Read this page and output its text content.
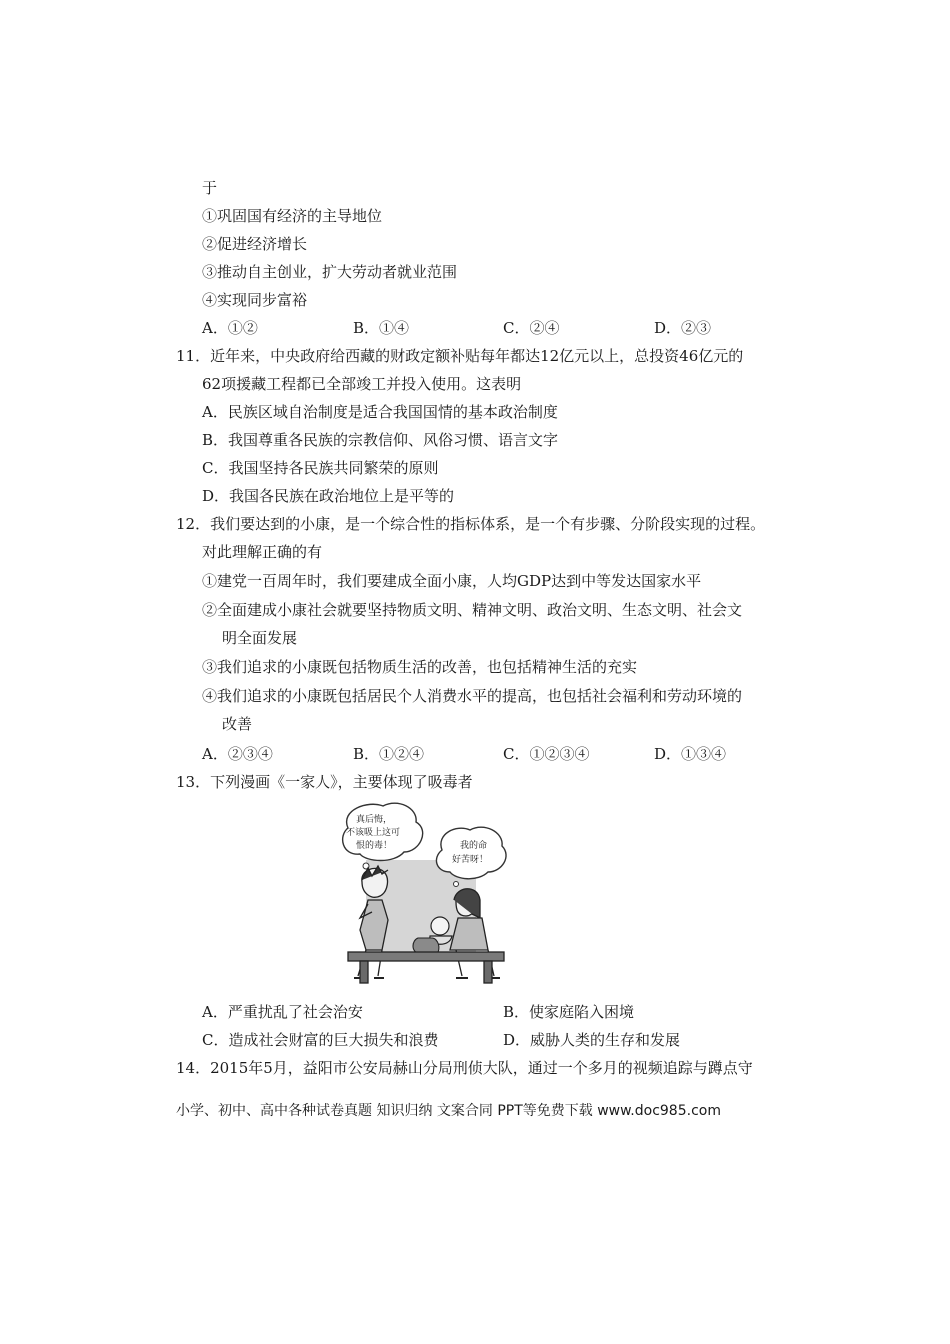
于
①巩固国有经济的主导地位
②促进经济增长
③推动自主创业，扩大劳动者就业范围
④实现同步富裕
A．①②	B．①④	C．②④	D．②③
11．近年来，中央政府给西藏的财政定额补贴每年都达12亿元以上，总投资46亿元的
62项援藏工程都已全部竣工并投入使用。这表明
A．民族区域自治制度是适合我国国情的基本政治制度
B．我国尊重各民族的宗教信仰、风俗习惯、语言文字
C．我国坚持各民族共同繁荣的原则
D．我国各民族在政治地位上是平等的
12．我们要达到的小康，是一个综合性的指标体系，是一个有步骤、分阶段实现的过程。
对此理解正确的有
①建党一百周年时，我们要建成全面小康，人均GDP达到中等发达国家水平
②全面建成小康社会就要坚持物质文明、精神文明、政治文明、生态文明、社会文
明全面发展
③我们追求的小康既包括物质生活的改善，也包括精神生活的充实
④我们追求的小康既包括居民个人消费水平的提高，也包括社会福利和劳动环境的
改善
A．②③④	B．①②④	C．①②③④	D．①③④
13．下列漫画《一家人》，主要体现了吸毒者
真后悔，
不该吸上这可
恨的毒！	我的命
好苦呀！
A．严重扰乱了社会治安	B．使家庭陷入困境
C．造成社会财富的巨大损失和浪费	D．威胁人类的生存和发展
14．2015年5月，益阳市公安局赫山分局刑侦大队，通过一个多月的视频追踪与蹲点守
小学、初中、高中各种试卷真题 知识归纳 文案合同 PPT等免费下载 www.doc985.com
